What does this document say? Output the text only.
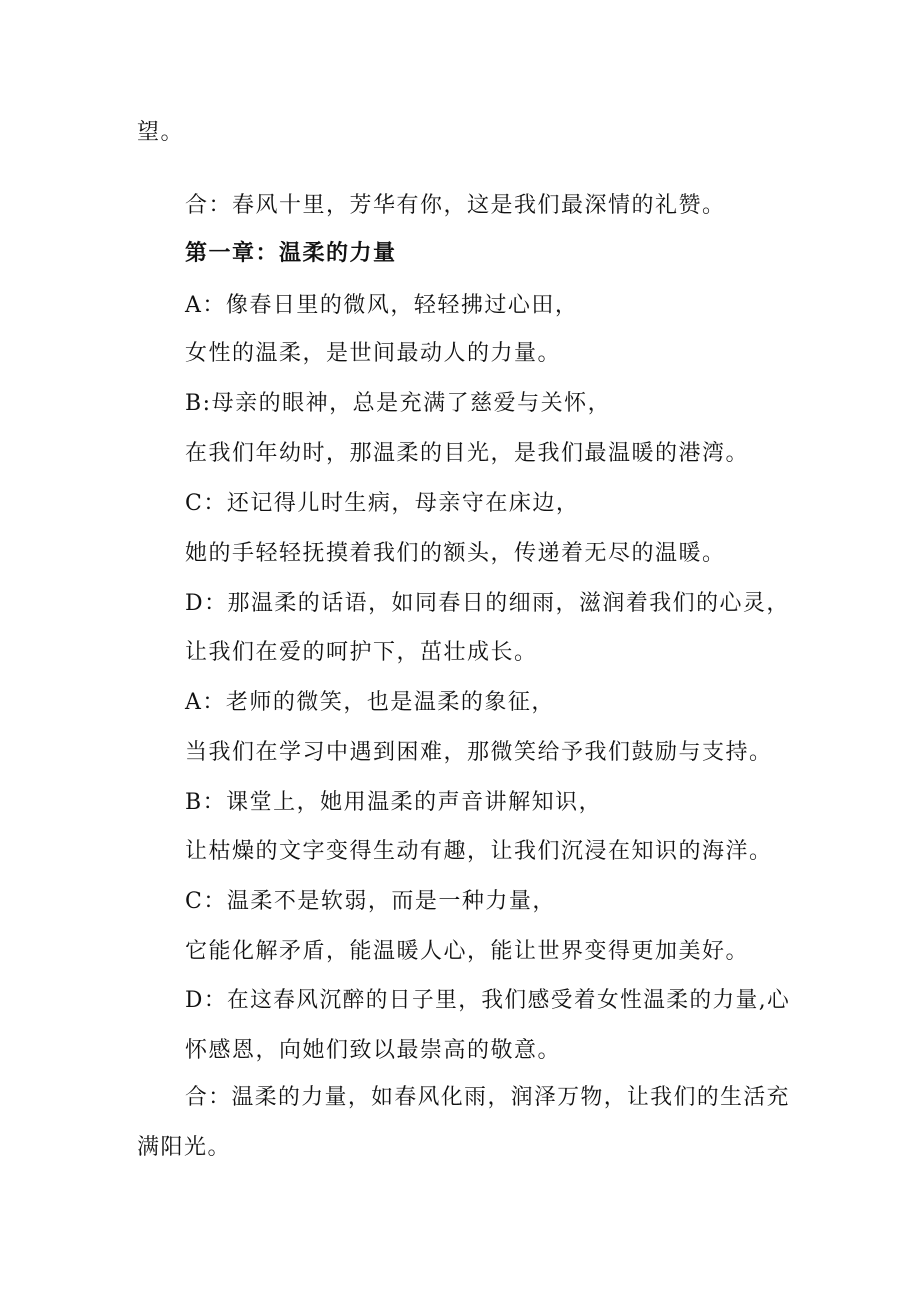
望。
合：春风十里，芳华有你，这是我们最深情的礼赞。
第一章：温柔的力量
A：像春日里的微风，轻轻拂过心田，
女性的温柔，是世间最动人的力量。
B:母亲的眼神，总是充满了慈爱与关怀，
在我们年幼时，那温柔的目光，是我们最温暖的港湾。
C：还记得儿时生病，母亲守在床边，
她的手轻轻抚摸着我们的额头，传递着无尽的温暖。
D：那温柔的话语，如同春日的细雨，滋润着我们的心灵，
让我们在爱的呵护下，茁壮成长。
A：老师的微笑，也是温柔的象征，
当我们在学习中遇到困难，那微笑给予我们鼓励与支持。
B：课堂上，她用温柔的声音讲解知识，
让枯燥的文字变得生动有趣，让我们沉浸在知识的海洋。
C：温柔不是软弱，而是一种力量，
它能化解矛盾，能温暖人心，能让世界变得更加美好。
D：在这春风沉醉的日子里，我们感受着女性温柔的力量,心
怀感恩，向她们致以最崇高的敬意。
合：温柔的力量，如春风化雨，润泽万物，让我们的生活充
满阳光。
